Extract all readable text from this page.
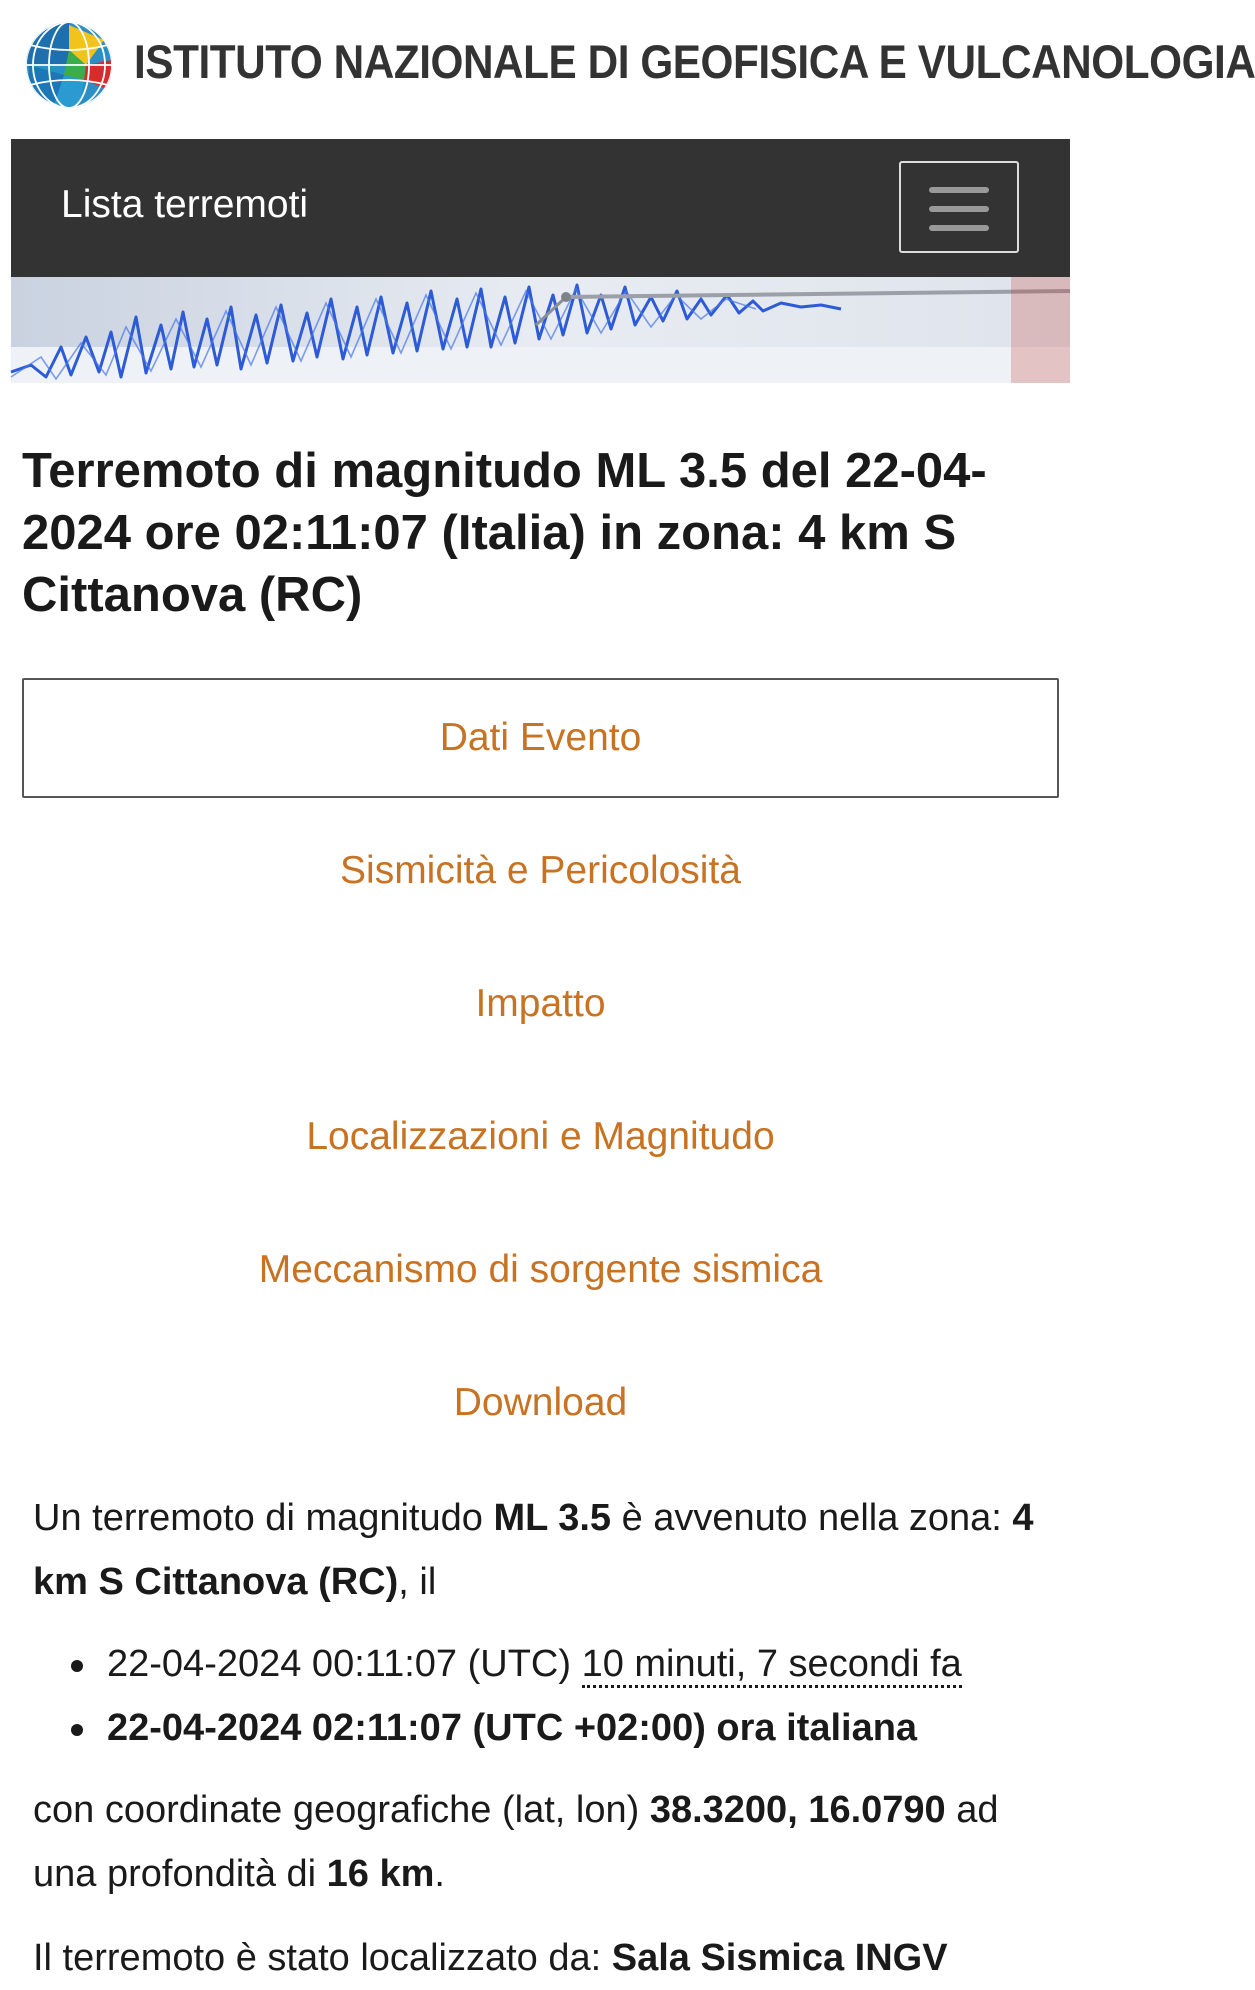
ISTITUTO NAZIONALE DI GEOFISICA E VULCANOLOGIA
Lista terremoti
Terremoto di magnitudo ML 3.5 del 22-04-2024 ore 02:11:07 (Italia) in zona: 4 km S Cittanova (RC)
Dati Evento
Sismicità e Pericolosità
Impatto
Localizzazioni e Magnitudo
Meccanismo di sorgente sismica
Download

Un terremoto di magnitudo ML 3.5 è avvenuto nella zona: 4 km S Cittanova (RC), il

22-04-2024 00:11:07 (UTC) 10 minuti, 7 secondi fa
22-04-2024 02:11:07 (UTC +02:00) ora italiana

con coordinate geografiche (lat, lon) 38.3200, 16.0790 ad una profondità di 16 km.

Il terremoto è stato localizzato da: Sala Sismica INGV
